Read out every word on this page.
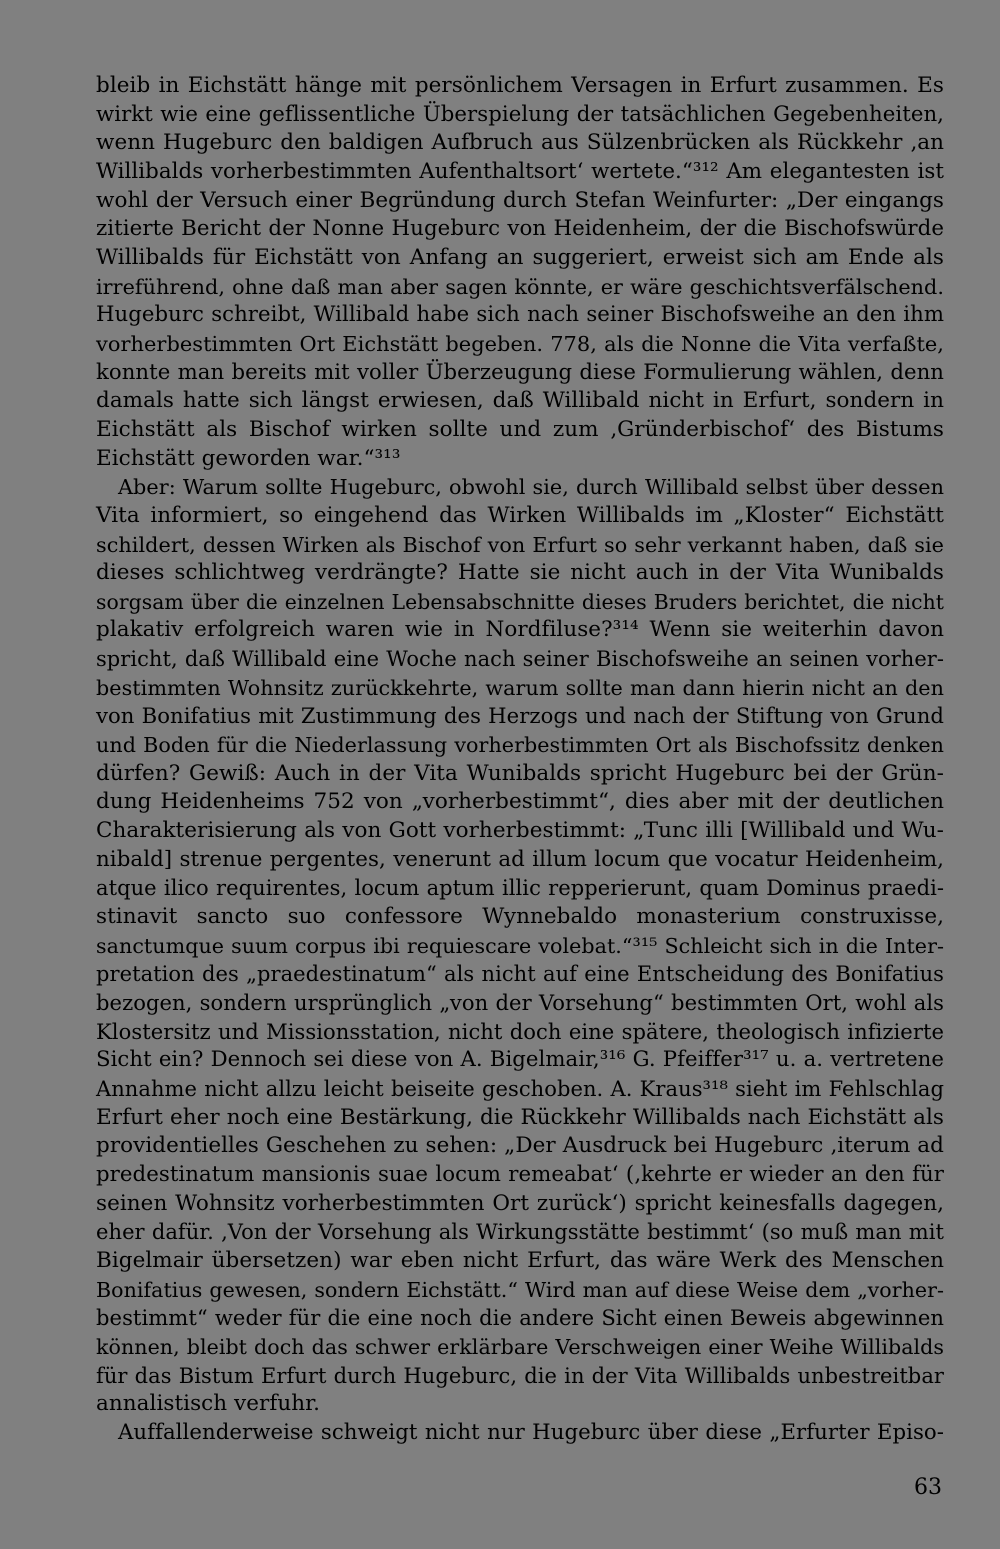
bleib in Eichstätt hänge mit persönlichem Versagen in Erfurt zusammen. Es
wirkt wie eine geflissentliche Überspielung der tatsächlichen Gegebenheiten,
wenn Hugeburc den baldigen Aufbruch aus Sülzenbrücken als Rückkehr ‚an
Willibalds vorherbestimmten Aufenthaltsort‘ wertete.“³¹² Am elegantesten ist
wohl der Versuch einer Begründung durch Stefan Weinfurter: „Der eingangs
zitierte Bericht der Nonne Hugeburc von Heidenheim, der die Bischofswürde
Willibalds für Eichstätt von Anfang an suggeriert, erweist sich am Ende als
irreführend, ohne daß man aber sagen könnte, er wäre geschichtsverfälschend.
Hugeburc schreibt, Willibald habe sich nach seiner Bischofsweihe an den ihm
vorherbestimmten Ort Eichstätt begeben. 778, als die Nonne die Vita verfaßte,
konnte man bereits mit voller Überzeugung diese Formulierung wählen, denn
damals hatte sich längst erwiesen, daß Willibald nicht in Erfurt, sondern in
Eichstätt als Bischof wirken sollte und zum ‚Gründerbischof‘ des Bistums
Eichstätt geworden war.“³¹³
Aber: Warum sollte Hugeburc, obwohl sie, durch Willibald selbst über dessen
Vita informiert, so eingehend das Wirken Willibalds im „Kloster“ Eichstätt
schildert, dessen Wirken als Bischof von Erfurt so sehr verkannt haben, daß sie
dieses schlichtweg verdrängte? Hatte sie nicht auch in der Vita Wunibalds
sorgsam über die einzelnen Lebensabschnitte dieses Bruders berichtet, die nicht
plakativ erfolgreich waren wie in Nordfiluse?³¹⁴ Wenn sie weiterhin davon
spricht, daß Willibald eine Woche nach seiner Bischofsweihe an seinen vorher-
bestimmten Wohnsitz zurückkehrte, warum sollte man dann hierin nicht an den
von Bonifatius mit Zustimmung des Herzogs und nach der Stiftung von Grund
und Boden für die Niederlassung vorherbestimmten Ort als Bischofssitz denken
dürfen? Gewiß: Auch in der Vita Wunibalds spricht Hugeburc bei der Grün-
dung Heidenheims 752 von „vorherbestimmt“, dies aber mit der deutlichen
Charakterisierung als von Gott vorherbestimmt: „Tunc illi [Willibald und Wu-
nibald] strenue pergentes, venerunt ad illum locum que vocatur Heidenheim,
atque ilico requirentes, locum aptum illic repperierunt, quam Dominus praedi-
stinavit sancto suo confessore Wynnebaldo monasterium construxisse,
sanctumque suum corpus ibi requiescare volebat.“³¹⁵ Schleicht sich in die Inter-
pretation des „praedestinatum“ als nicht auf eine Entscheidung des Bonifatius
bezogen, sondern ursprünglich „von der Vorsehung“ bestimmten Ort, wohl als
Klostersitz und Missionsstation, nicht doch eine spätere, theologisch infizierte
Sicht ein? Dennoch sei diese von A. Bigelmair,³¹⁶ G. Pfeiffer³¹⁷ u. a. vertretene
Annahme nicht allzu leicht beiseite geschoben. A. Kraus³¹⁸ sieht im Fehlschlag
Erfurt eher noch eine Bestärkung, die Rückkehr Willibalds nach Eichstätt als
providentielles Geschehen zu sehen: „Der Ausdruck bei Hugeburc ‚iterum ad
predestinatum mansionis suae locum remeabat‘ (‚kehrte er wieder an den für
seinen Wohnsitz vorherbestimmten Ort zurück‘) spricht keinesfalls dagegen,
eher dafür. ‚Von der Vorsehung als Wirkungsstätte bestimmt‘ (so muß man mit
Bigelmair übersetzen) war eben nicht Erfurt, das wäre Werk des Menschen
Bonifatius gewesen, sondern Eichstätt.“ Wird man auf diese Weise dem „vorher-
bestimmt“ weder für die eine noch die andere Sicht einen Beweis abgewinnen
können, bleibt doch das schwer erklärbare Verschweigen einer Weihe Willibalds
für das Bistum Erfurt durch Hugeburc, die in der Vita Willibalds unbestreitbar
annalistisch verfuhr.
Auffallenderweise schweigt nicht nur Hugeburc über diese „Erfurter Episo-
63
